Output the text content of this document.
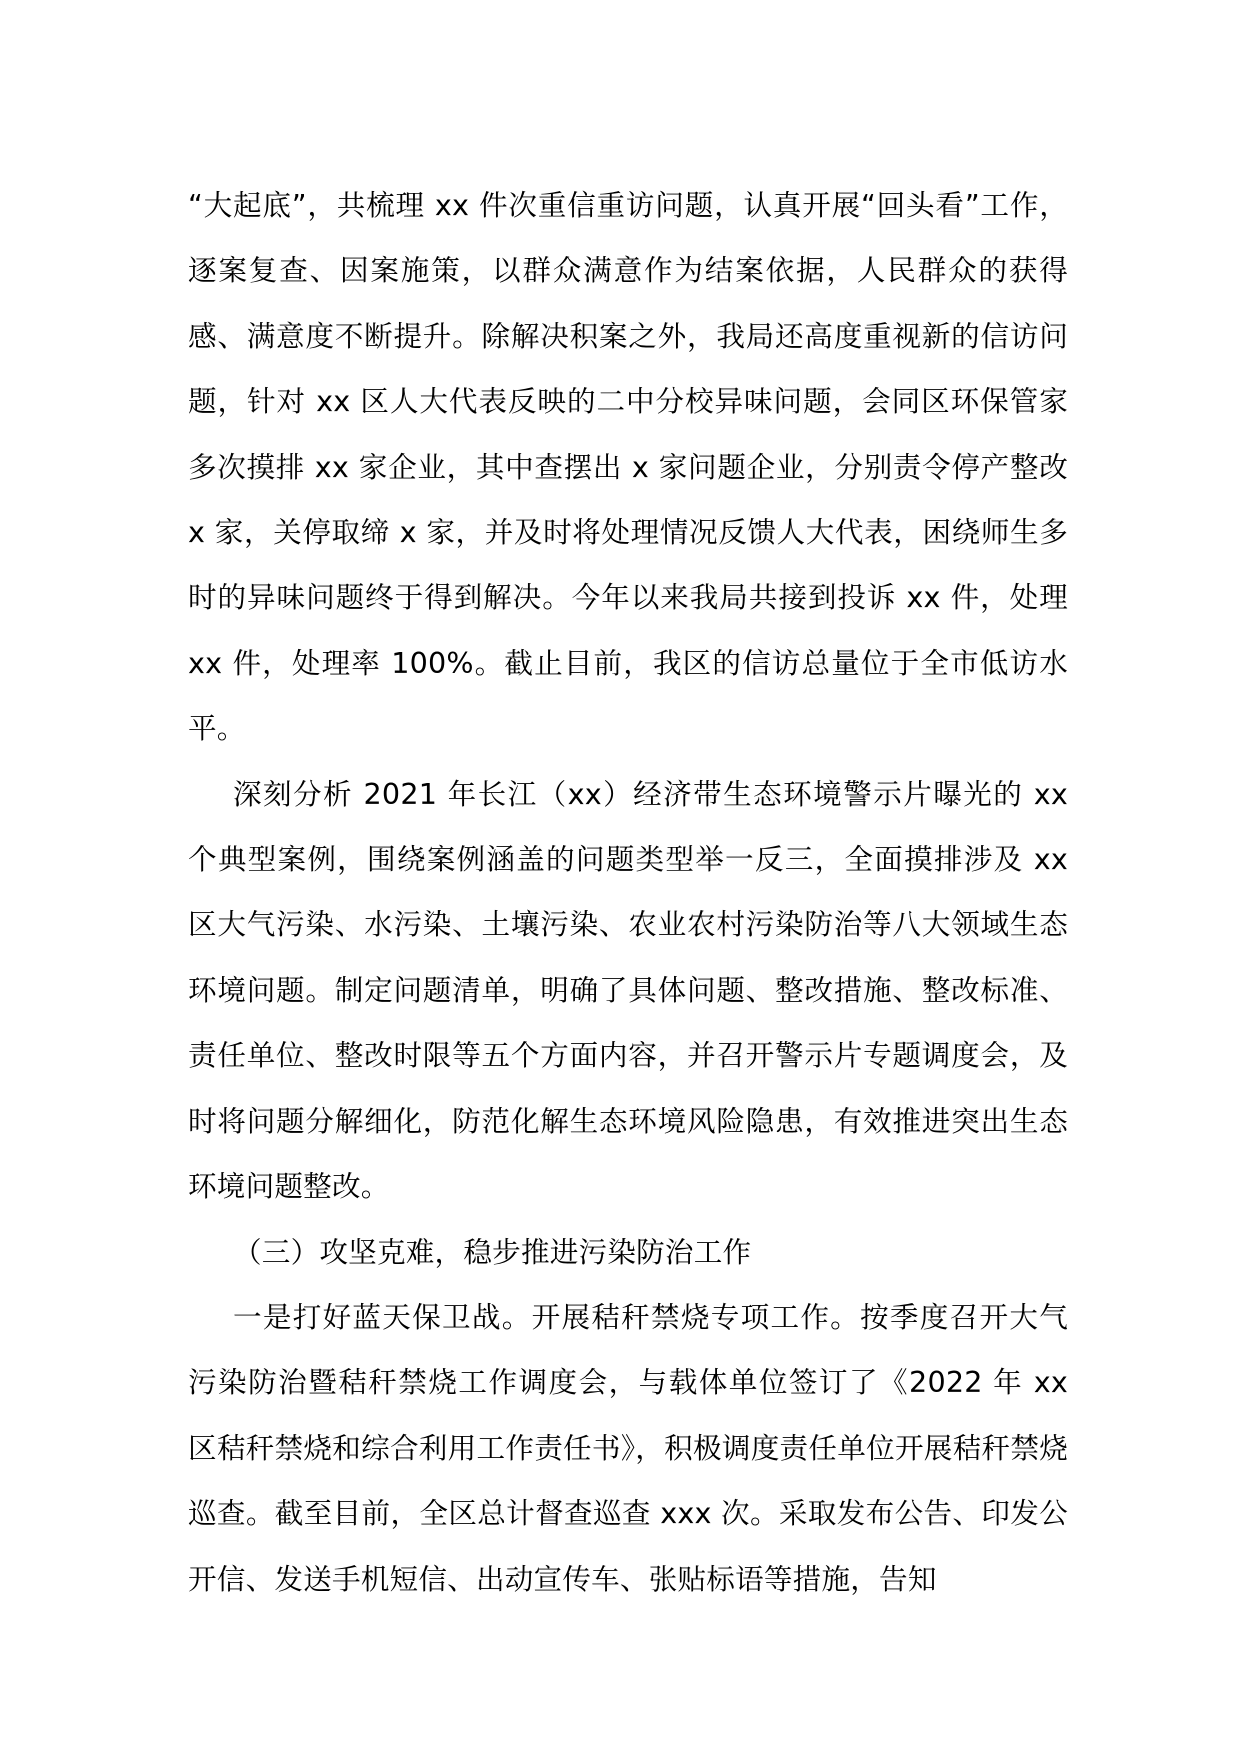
“大起底”，共梳理 xx 件次重信重访问题，认真开展“回头看”工作，逐案复查、因案施策，以群众满意作为结案依据，人民群众的获得感、满意度不断提升。除解决积案之外，我局还高度重视新的信访问题，针对 xx 区人大代表反映的二中分校异味问题，会同区环保管家多次摸排 xx 家企业，其中查摆出 x 家问题企业，分别责令停产整改 x 家，关停取缔 x 家，并及时将处理情况反馈人大代表，困绕师生多时的异味问题终于得到解决。今年以来我局共接到投诉 xx 件，处理 xx 件，处理率 100%。截止目前，我区的信访总量位于全市低访水平。

深刻分析 2021 年长江（xx）经济带生态环境警示片曝光的 xx 个典型案例，围绕案例涵盖的问题类型举一反三，全面摸排涉及 xx 区大气污染、水污染、土壤污染、农业农村污染防治等八大领域生态环境问题。制定问题清单，明确了具体问题、整改措施、整改标准、责任单位、整改时限等五个方面内容，并召开警示片专题调度会，及时将问题分解细化，防范化解生态环境风险隐患，有效推进突出生态环境问题整改。

（三）攻坚克难，稳步推进污染防治工作

一是打好蓝天保卫战。开展秸秆禁烧专项工作。按季度召开大气污染防治暨秸秆禁烧工作调度会，与载体单位签订了《2022 年 xx 区秸秆禁烧和综合利用工作责任书》，积极调度责任单位开展秸秆禁烧巡查。截至目前，全区总计督查巡查 xxx 次。采取发布公告、印发公开信、发送手机短信、出动宣传车、张贴标语等措施，告知
